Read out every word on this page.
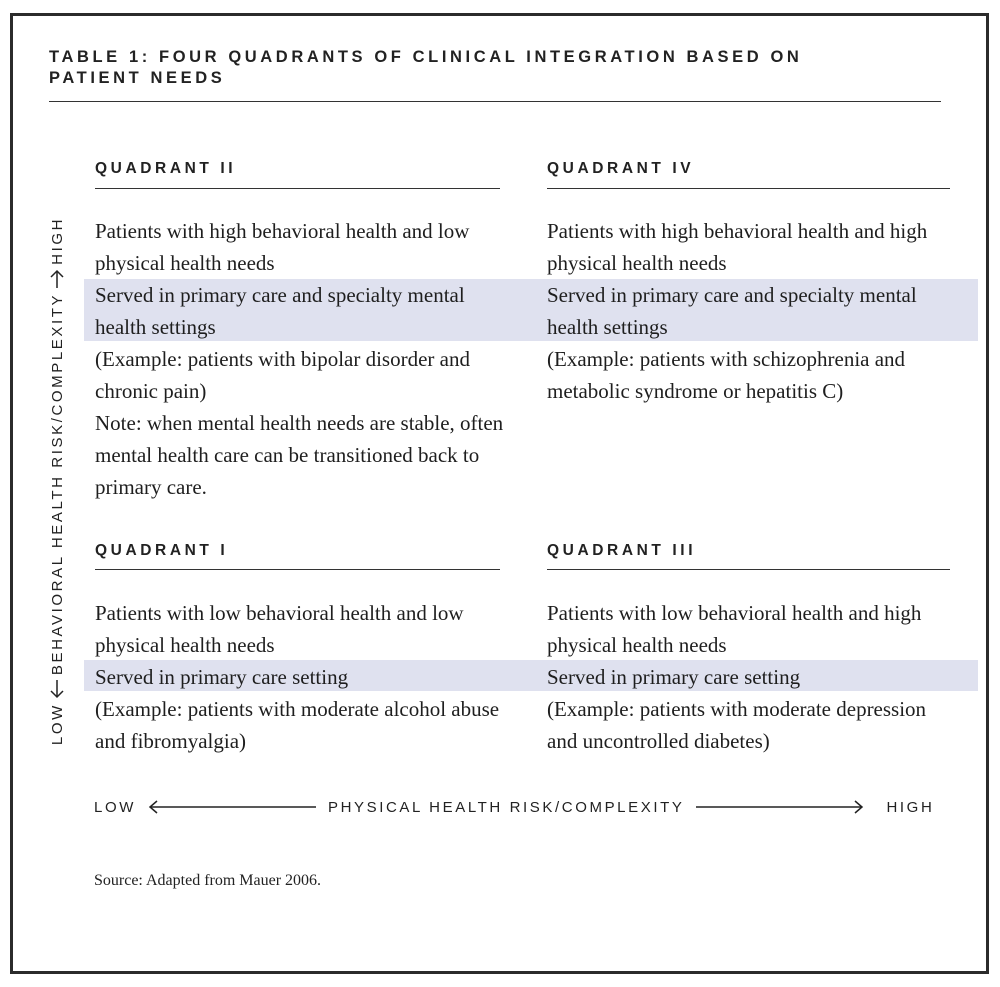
TABLE 1: FOUR QUADRANTS OF CLINICAL INTEGRATION BASED ON
PATIENT NEEDS
QUADRANT II

Patients with high behavioral health and low physical health needs

Served in primary care and specialty mental health settings

(Example: patients with bipolar disorder and chronic pain)

Note: when mental health needs are stable, often mental health care can be transitioned back to primary care.

QUADRANT IV

Patients with high behavioral health and high physical health needs

Served in primary care and specialty mental health settings

(Example: patients with schizophrenia and metabolic syndrome or hepatitis C)

QUADRANT I

Patients with low behavioral health and low physical health needs

Served in primary care setting

(Example: patients with moderate alcohol abuse and fibromyalgia)

QUADRANT III

Patients with low behavioral health and high physical health needs

Served in primary care setting

(Example: patients with moderate depression and uncontrolled diabetes)

LOW
BEHAVIORAL HEALTH RISK/COMPLEXITY
HIGH
LOW	PHYSICAL HEALTH RISK/COMPLEXITY	HIGH
Source: Adapted from Mauer 2006.
